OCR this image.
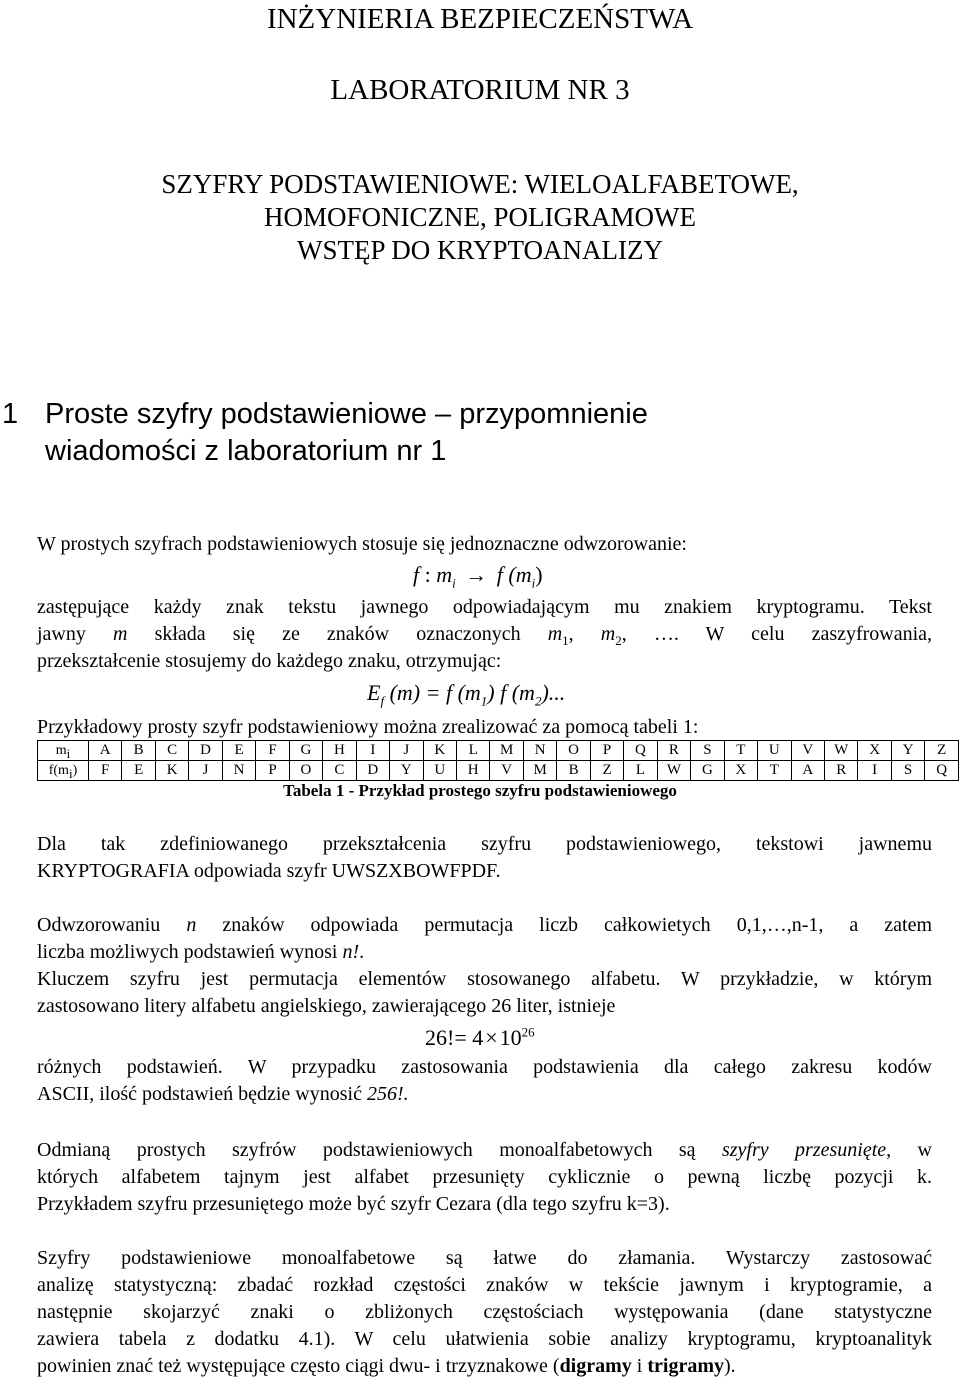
INŻYNIERIA BEZPIECZEŃSTWA
LABORATORIUM NR 3
SZYFRY PODSTAWIENIOWE: WIELOALFABETOWE,
HOMOFONICZNE, POLIGRAMOWE
WSTĘP DO KRYPTOANALIZY
1 Proste szyfry podstawieniowe – przypomnienie
wiadomości z laboratorium nr 1
W prostych szyfrach podstawieniowych stosuje się jednoznaczne odwzorowanie:
f : $m_i \to f$ $(m_i)$
zastępujące każdy znak tekstu jawnego odpowiadającym mu znakiem kryptogramu. Tekst
jawny m składa się ze znaków oznaczonych $m_1$, $m_2$, …. W celu zaszyfrowania,
przekształcenie stosujemy do każdego znaku, otrzymując:
$E_f$ (m) = f $(m_1)$ f $(m_2)$...
Przykładowy prosty szyfr podstawieniowy można zrealizować za pomocą tabeli 1:
$m_i$	A	B	C	D	E	F	G	H	I	J	K	L	M	N	O	P	Q	R	S	T	U	V	W	X	Y	Z
$f(m_i)$	F	E	K	J	N	P	O	C	D	Y	U	H	V	M	B	Z	L	W	G	X	T	A	R	I	S	Q
Tabela 1 - Przykład prostego szyfru podstawieniowego
Dla tak zdefiniowanego przekształcenia szyfru podstawieniowego, tekstowi jawnemu
KRYPTOGRAFIA odpowiada szyfr UWSZXBOWFPDF.
Odwzorowaniu n znaków odpowiada permutacja liczb całkowietych 0,1,…,n-1, a zatem
liczba możliwych podstawień wynosi n!.
Kluczem szyfru jest permutacja elementów stosowanego alfabetu. W przykładzie, w którym
zastosowano litery alfabetu angielskiego, zawierającego 26 liter, istnieje
$26!= 4\times 10^{26}$
różnych podstawień. W przypadku zastosowania podstawienia dla całego zakresu kodów
ASCII, ilość podstawień będzie wynosić 256!.
Odmianą prostych szyfrów podstawieniowych monoalfabetowych są szyfry przesunięte, w
których alfabetem tajnym jest alfabet przesunięty cyklicznie o pewną liczbę pozycji k.
Przykładem szyfru przesuniętego może być szyfr Cezara (dla tego szyfru k=3).
Szyfry podstawieniowe monoalfabetowe są łatwe do złamania. Wystarczy zastosować
analizę statystyczną: zbadać rozkład częstości znaków w tekście jawnym i kryptogramie, a
następnie skojarzyć znaki o zbliżonych częstościach występowania (dane statystyczne
zawiera tabela z dodatku 4.1). W celu ułatwienia sobie analizy kryptogramu, kryptoanalityk
powinien znać też występujące często ciągi dwu- i trzyznakowe (digramy i trigramy).
